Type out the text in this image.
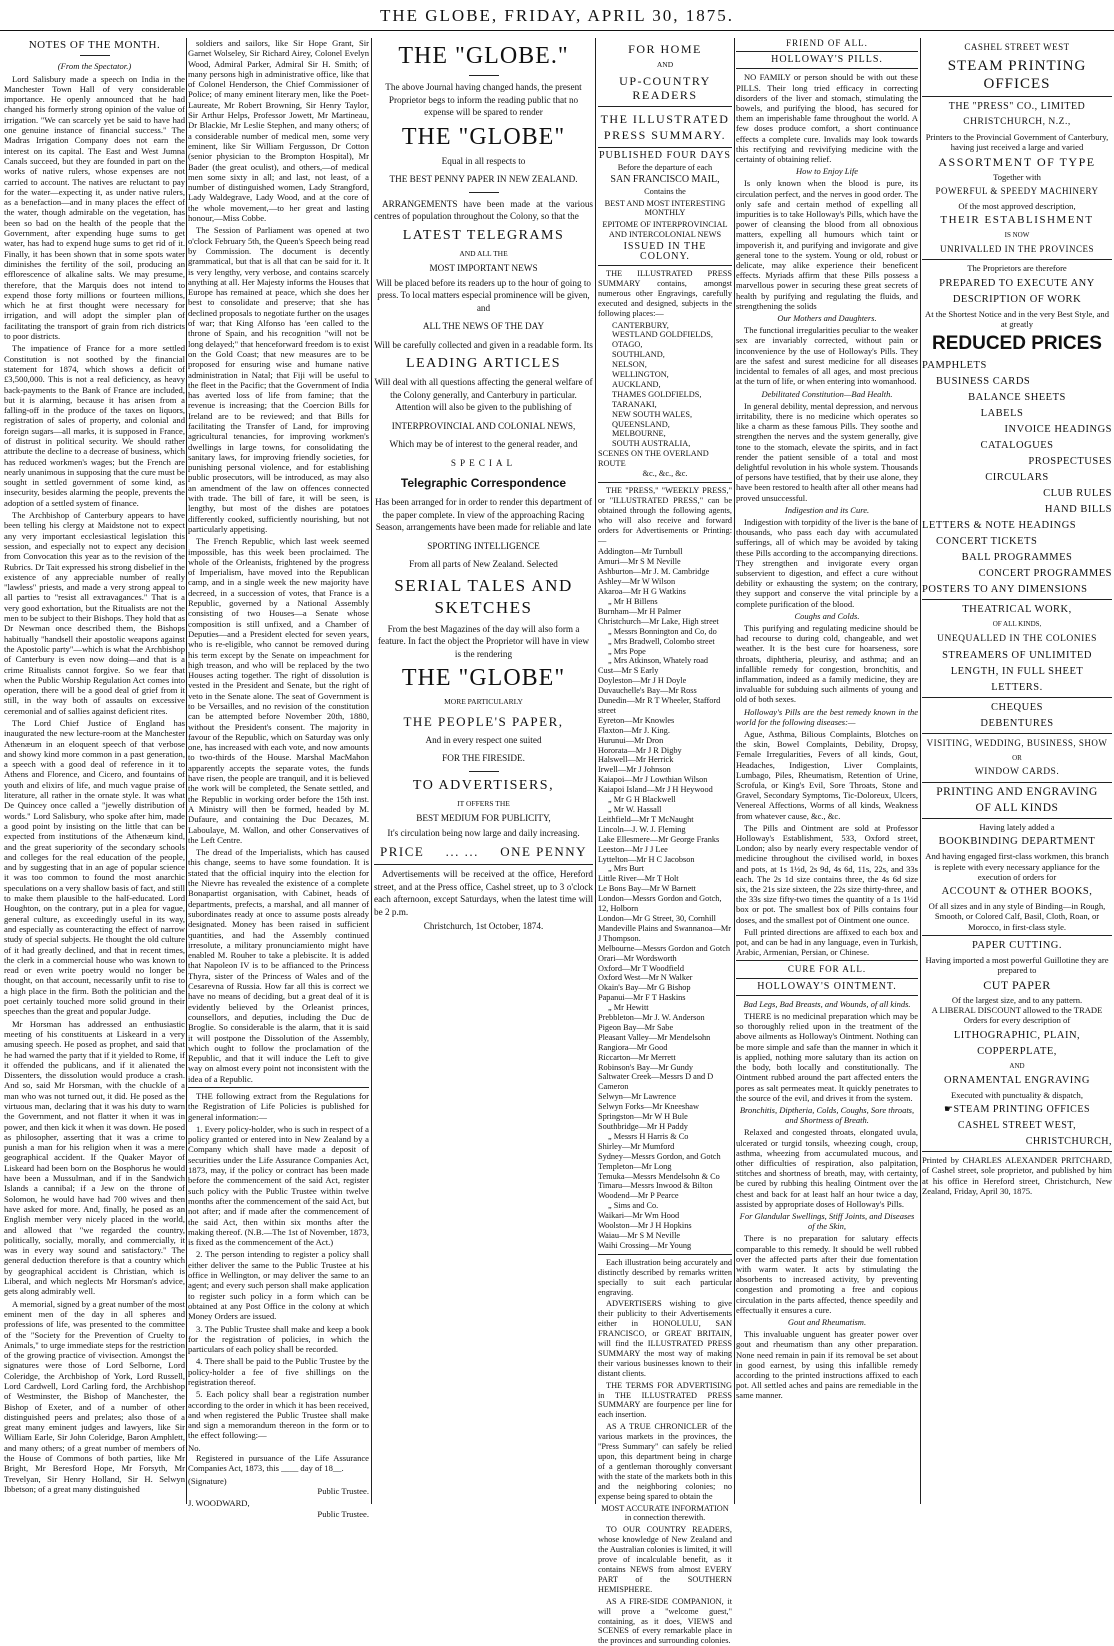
THE GLOBE, FRIDAY, APRIL 30, 1875.
NOTES OF THE MONTH.

(From the Spectator.)

Lord Salisbury made a speech on India in the Manchester Town Hall of very considerable importance. He openly announced that he had changed his formerly strong opinion of the value of irrigation. "We can scarcely yet be said to have had one genuine instance of financial success." The Madras Irrigation Company does not earn the interest on its capital. The East and West Jumna Canals succeed, but they are founded in part on the works of native rulers, whose expenses are not carried to account. The natives are reluctant to pay for the water—expecting it, as under native rulers, as a benefaction—and in many places the effect of the water, though admirable on the vegetation, has been so bad on the health of the people that the Government, after expending huge sums to get water, has had to expend huge sums to get rid of it. Finally, it has been shown that in some spots water diminishes the fertility of the soil, producing an efflorescence of alkaline salts. We may presume, therefore, that the Marquis does not intend to expend those forty millions or fourteen millions, which he at first thought were necessary for irrigation, and will adopt the simpler plan of facilitating the transport of grain from rich districts to poor districts.

The impatience of France for a more settled Constitution is not soothed by the financial statement for 1874, which shows a deficit of £3,500,000. This is not a real deficiency, as heavy back-payments to the Bank of France are included, but it is alarming, because it has arisen from a falling-off in the produce of the taxes on liquors, registration of sales of property, and colonial and foreign sugars—all marks, it is supposed in France, of distrust in political security. We should rather attribute the decline to a decrease of business, which has reduced workmen's wages; but the French are nearly unanimous in supposing that the cure must be sought in settled government of some kind, as insecurity, besides alarming the people, prevents the adoption of a settled system of finance.

The Archbishop of Canterbury appears to have been telling his clergy at Maidstone not to expect any very important ecclesiastical legislation this session, and especially not to expect any decision from Convocation this year as to the revision of the Rubrics. Dr Tait expressed his strong disbelief in the existence of any appreciable number of really "lawless" priests, and made a very strong appeal to all parties to "resist all extravagances." That is a very good exhortation, but the Ritualists are not the men to be subject to their Bishops. They hold that as Dr Newman once described them, the Bishops habitually "handsell their apostolic weapons against the Apostolic party"—which is what the Archbishop of Canterbury is even now doing—and that is a crime Ritualists cannot forgive. So we fear that when the Public Worship Regulation Act comes into operation, there will be a good deal of grief from it still, in the way both of assaults on excessive ceremonial and of sallies against deficient rites.

The Lord Chief Justice of England has inaugurated the new lecture-room at the Manchester Athenæum in an eloquent speech of that verbose and showy kind more common in a past generation, a speech with a good deal of reference in it to Athens and Florence, and Cicero, and fountains of youth and elixirs of life, and much vague praise of literature, all rather in the ornate style. It was what De Quincey once called a "jewelly distribution of words." Lord Salisbury, who spoke after him, made a good point by insisting on the little that can be expected from institutions of the Athenæum kind, and the great superiority of the secondary schools and colleges for the real education of the people, and by suggesting that in an age of popular science it was too common to found the most anarchic speculations on a very shallow basis of fact, and still to make them plausible to the half-educated. Lord Houghton, on the contrary, put in a plea for vague, general culture, as exceedingly useful in its way, and especially as counteracting the effect of narrow study of special subjects. He thought the old culture of it had greatly declined, and that in recent times, the clerk in a commercial house who was known to read or even write poetry would no longer be thought, on that account, necessarily unfit to rise to a high place in the firm. Both the politician and the poet certainly touched more solid ground in their speeches than the great and popular Judge.

Mr Horsman has addressed an enthusiastic meeting of his constituents at Liskeard in a very amusing speech. He posed as prophet, and said that he had warned the party that if it yielded to Rome, if it offended the publicans, and if it alienated the Dissenters, the dissolution would produce a crash. And so, said Mr Horsman, with the chuckle of a man who was not turned out, it did. He posed as the virtuous man, declaring that it was his duty to warn the Government, and not flatter it when it was in power, and then kick it when it was down. He posed as philosopher, asserting that it was a crime to punish a man for his religion when it was a mere geographical accident. If the Quaker Mayor of Liskeard had been born on the Bosphorus he would have been a Mussulman, and if in the Sandwich Islands a cannibal; if a Jew on the throne of Solomon, he would have had 700 wives and then have asked for more. And, finally, he posed as an English member very nicely placed in the world, and allowed that "we regarded the country, politically, socially, morally, and commercially, it was in every way sound and satisfactory." The general deduction therefore is that a country which by geographical accident is Christian, which is Liberal, and which neglects Mr Horsman's advice, gets along admirably well.

A memorial, signed by a great number of the most eminent men of the day in all spheres and professions of life, was presented to the committee of the "Society for the Prevention of Cruelty to Animals," to urge immediate steps for the restriction of the growing practice of vivisection. Amongst the signatures were those of Lord Selborne, Lord Coleridge, the Archbishop of York, Lord Russell, Lord Cardwell, Lord Carling ford, the Archbishop of Westminster, the Bishop of Manchester, the Bishop of Exeter, and of a number of other distinguished peers and prelates; also those of a great many eminent judges and lawyers, like Sir William Earle, Sir John Coleridge, Baron Amphlett, and many others; of a great number of members of the House of Commons of both parties, like Mr Bright, Mr Beresford Hope, Mr Forsyth, Mr Trevelyan, Sir Henry Holland, Sir H. Selwyn Ibbetson; of a great many distinguished

soldiers and sailors, like Sir Hope Grant, Sir Garnet Wolseley, Sir Richard Airey, Colonel Evelyn Wood, Admiral Parker, Admiral Sir H. Smith; of many persons high in administrative office, like that of Colonel Henderson, the Chief Commissioner of Police; of many eminent literary men, like the Poet-Laureate, Mr Robert Browning, Sir Henry Taylor, Sir Arthur Helps, Professor Jowett, Mr Martineau, Dr Blackie, Mr Leslie Stephen, and many others; of a considerable number of medical men, some very eminent, like Sir William Fergusson, Dr Cotton (senior physician to the Brompton Hospital), Mr Bader (the great oculist), and others,—of medical men some sixty in all; and last, not least, of a number of distinguished women, Lady Strangford, Lady Waldegrave, Lady Wood, and at the core of the whole movement,—to her great and lasting honour,—Miss Cobbe.

The Session of Parliament was opened at two o'clock February 5th, the Queen's Speech being read by Commission. The document is decently grammatical, but that is all that can be said for it. It is very lengthy, very verbose, and contains scarcely anything at all. Her Majesty informs the Houses that Europe has remained at peace, which she does her best to consolidate and preserve; that she has declined proposals to negotiate further on the usages of war; that King Alfonso has 'een called to the throne of Spain, and his recognition "will not be long delayed;" that henceforward freedom is to exist on the Gold Coast; that new measures are to be proposed for ensuring wise and humane native administration in Natal; that Fiji will be useful to the fleet in the Pacific; that the Government of India has averted loss of life from famine; that the revenue is increasing; that the Coercion Bills for Ireland are to be reviewed; and that Bills for facilitating the Transfer of Land, for improving agricultural tenancies, for improving workmen's dwellings in large towns, for consolidating the sanitary laws, for improving friendly societies, for punishing personal violence, and for establishing public prosecutors, will be introduced, as may also an amendment of the law on offences connected with trade. The bill of fare, it will be seen, is lengthy, but most of the dishes are potatoes differently cooked, sufficiently nourishing, but not particularly appetising.

The French Republic, which last week seemed impossible, has this week been proclaimed. The whole of the Orleanists, frightened by the progress of Imperialism, have moved into the Republican camp, and in a single week the new majority have decreed, in a succession of votes, that France is a Republic, governed by a National Assembly consisting of two Houses—a Senate whose composition is still unfixed, and a Chamber of Deputies—and a President elected for seven years, who is re-eligible, who cannot be removed during his term except by the Senate on impeachment for high treason, and who will be replaced by the two Houses acting together. The right of dissolution is vested in the President and Senate, but the right of veto in the Senate alone. The seat of Government is to be Versailles, and no revision of the constitution can be attempted before November 20th, 1880, without the President's consent. The majority in favour of the Republic, which on Saturday was only one, has increased with each vote, and now amounts to two-thirds of the House. Marshal MacMahon apparently accepts the separate votes, the funds have risen, the people are tranquil, and it is believed the work will be completed, the Senate settled, and the Republic in working order before the 15th inst. A Ministry will then be formed, headed by M. Dufaure, and containing the Duc Decazes, M. Laboulaye, M. Wallon, and other Conservatives of the Left Centre.

The dread of the Imperialists, which has caused this change, seems to have some foundation. It is stated that the official inquiry into the election for the Nievre has revealed the existence of a complete Bonapartist organisation, with Cabinet, heads of departments, prefects, a marshal, and all manner of subordinates ready at once to assume posts already designated. Money has been raised in sufficient quantities, and had the Assembly continued irresolute, a military pronunciamiento might have enabled M. Rouher to take a plebiscite. It is added that Napoleon IV is to be affianced to the Princess Thyra, sister of the Princess of Wales and of the Cesarevna of Russia. How far all this is correct we have no means of deciding, but a great deal of it is evidently believed by the Orleanist princes, counsellors, and deputies, including the Duc de Broglie. So considerable is the alarm, that it is said it will postpone the Dissolution of the Assembly, which ought to follow the proclamation of the Republic, and that it will induce the Left to give way on almost every point not inconsistent with the idea of a Republic.

THE following extract from the Regulations for the Registration of Life Policies is published for general information:—

1. Every policy-holder, who is such in respect of a policy granted or entered into in New Zealand by a Company which shall have made a deposit of securities under the Life Assurance Companies Act, 1873, may, if the policy or contract has been made before the commencement of the said Act, register such policy with the Public Trustee within twelve months after the commencement of the said Act, but not after; and if made after the commencement of the said Act, then within six months after the making thereof. (N.B.—The 1st of November, 1873, is fixed as the commencement of the Act.)

2. The person intending to register a policy shall either deliver the same to the Public Trustee at his office in Wellington, or may deliver the same to an agent; and every such person shall make application to register such policy in a form which can be obtained at any Post Office in the colony at which Money Orders are issued.

3. The Public Trustee shall make and keep a book for the registration of policies, in which the particulars of each policy shall be recorded.

4. There shall be paid to the Public Trustee by the policy-holder a fee of five shillings on the registration thereof.

5. Each policy shall bear a registration number according to the order in which it has been received, and when registered the Public Trustee shall make and sign a memorandum thereon in the form or to the effect following:—

No.

Registered in pursuance of the Life Assurance Companies Act, 1873, this ____ day of 18__.

(Signature)

Public Trustee.

J. WOODWARD,

Public Trustee.

THE "GLOBE."

The above Journal having changed hands, the present Proprietor begs to inform the reading public that no expense will be spared to render

THE "GLOBE"

Equal in all respects to

THE BEST PENNY PAPER IN NEW ZEALAND.

ARRANGEMENTS have been made at the various centres of population throughout the Colony, so that the

LATEST TELEGRAMS

AND ALL THE

MOST IMPORTANT NEWS

Will be placed before its readers up to the hour of going to press. To local matters especial prominence will be given, and

ALL THE NEWS OF THE DAY

Will be carefully collected and given in a readable form. Its

LEADING ARTICLES

Will deal with all questions affecting the general welfare of the Colony generally, and Canterbury in particular. Attention will also be given to the publishing of

INTERPROVINCIAL AND COLONIAL NEWS,

Which may be of interest to the general reader, and

SPECIAL

Telegraphic Correspondence

Has been arranged for in order to render this department of the paper complete. In view of the approaching Racing Season, arrangements have been made for reliable and late

SPORTING INTELLIGENCE

From all parts of New Zealand. Selected

SERIAL TALES AND SKETCHES

From the best Magazines of the day will also form a feature. In fact the object the Proprietor will have in view is the rendering

THE "GLOBE"

MORE PARTICULARLY

THE PEOPLE'S PAPER,

And in every respect one suited

FOR THE FIRESIDE.

TO ADVERTISERS,

IT OFFERS THE

BEST MEDIUM FOR PUBLICITY,

It's circulation being now large and daily increasing.

PRICE ... ... ONE PENNY

Advertisements will be received at the office, Hereford street, and at the Press office, Cashel street, up to 3 o'clock each afternoon, except Saturdays, when the latest time will be 2 p.m.

Christchurch, 1st October, 1874.

FOR HOME

AND

UP-COUNTRY READERS
THE ILLUSTRATED PRESS SUMMARY.

PUBLISHED FOUR DAYS

Before the departure of each

SAN FRANCISCO MAIL,

Contains the

BEST AND MOST INTERESTING MONTHLY

EPITOME OF INTERPROVINCIAL AND INTERCOLONIAL NEWS

ISSUED IN THE COLONY.

THE ILLUSTRATED PRESS SUMMARY contains, amongst numerous other Engravings, carefully executed and designed, subjects in the following places:—

CANTERBURY,

WESTLAND GOLDFIELDS,

OTAGO,

SOUTHLAND,

NELSON,

WELLINGTON,

AUCKLAND,

THAMES GOLDFIELDS,

TARANAKI,

NEW SOUTH WALES,

QUEENSLAND,

MELBOURNE,

SOUTH AUSTRALIA,

SCENES ON THE OVERLAND ROUTE

&c., &c., &c.

THE "PRESS," "WEEKLY PRESS," or "ILLUSTRATED PRESS," can be obtained through the following agents, who will also receive and forward orders for Advertisements or Printing:—

Addington—Mr Turnbull

Amuri—Mr S M Neville

Ashburton—Mr J. M. Cambridge

Ashley—Mr W Wilson

Akaroa—Mr H G Watkins

„ Mr H Billens

Burnham—Mr H Palmer

Christchurch—Mr Lake, High street

„ Messrs Bonnington and Co, do

„ Mrs Bradwell, Colombo street

„ Mrs Pope

„ Mrs Atkinson, Whately road

Cust—Mr S Early

Doyleston—Mr J H Doyle

Duvauchelle's Bay—Mr Ross

Dunedin—Mr R T Wheeler, Stafford street

Eyreton—Mr Knowles

Flaxton—Mr J. King.

Hurunui—Mr Dron

Hororata—Mr J R Digby

Halswell—Mr Herrick

Irwell—Mr J Johnson

Kaiapoi—Mr J Lowthian Wilson

Kaiapoi Island—Mr J H Heywood

„ Mr G H Blackwell

„ Mr W. Hassall

Leithfield—Mr T McNaught

Lincoln—J. W. J. Fleming

Lake Ellesmere—Mr George Franks

Leeston—Mr J J Lee

Lyttelton—Mr H C Jacobson

„ Mrs Burt

Little River—Mr T Holt

Le Bons Bay—Mr W Barnett

London—Messrs Gordon and Gotch, 12, Holborn

London—Mr G Street, 30, Cornhill

Mandeville Plains and Swannanoa—Mr J Thompson.

Melbourne—Messrs Gordon and Gotch

Orari—Mr Wordsworth

Oxford—Mr T Woodfield

Oxford West—Mr N Walker

Okain's Bay—Mr G Bishop

Papanui—Mr F T Haskins

„ Mr Hewitt

Prebbleton—Mr J. W. Anderson

Pigeon Bay—Mr Sabe

Pleasant Valley—Mr Mendelsohn

Rangiora—Mr Good

Riccarton—Mr Merrett

Robinson's Bay—Mr Gundy

Saltwater Creek—Messrs D and D Cameron

Selwyn—Mr Lawrence

Selwyn Forks—Mr Kneeshaw

Springston—Mr W H Bule

Southbridge—Mr H Paddy

„ Messrs H Harris & Co

Shirley—Mr Mumford

Sydney—Messrs Gordon, and Gotch

Templeton—Mr Long

Temuka—Messrs Mendelsohn & Co

Timaru—Messrs Inwood & Bilton

Woodend—Mr P Pearce

„ Sims and Co.

Waikari—Mr Wm Hood

Woolston—Mr J H Hopkins

Waiau—Mr S M Neville

Waihi Crossing—Mr Young

Each illustration being accurately and distinctly described by remarks written specially to suit each particular engraving.

ADVERTISERS wishing to give their publicity to their Advertisements either in HONOLULU, SAN FRANCISCO, or GREAT BRITAIN, will find the ILLUSTRATED PRESS SUMMARY the most way of making their various businesses known to their distant clients.

THE TERMS FOR ADVERTISING in THE ILLUSTRATED PRESS SUMMARY are fourpence per line for each insertion.

AS A TRUE CHRONICLER of the various markets in the provinces, the "Press Summary" can safely be relied upon, this department being in charge of a gentleman thoroughly conversant with the state of the markets both in this and the neighboring colonies; no expense being spared to obtain the

MOST ACCURATE INFORMATION in connection therewith.

TO OUR COUNTRY READERS, whose knowledge of New Zealand and the Australian colonies is limited, it will prove of incalculable benefit, as it contains NEWS from almost EVERY PART of the SOUTHERN HEMISPHERE.

AS A FIRE-SIDE COMPANION, it will prove a "welcome guest," containing, as it does, VIEWS and SCENES of every remarkable place in the provinces and surrounding colonies.

FRIEND OF ALL.

HOLLOWAY'S PILLS.

NO FAMILY or person should be with out these PILLS. Their long tried efficacy in correcting disorders of the liver and stomach, stimulating the bowels, and purifying the blood, has secured for them an imperishable fame throughout the world. A few doses produce comfort, a short continuance effects a complete cure. Invalids may look towards this rectifying and revivifying medicine with the certainty of obtaining relief.

How to Enjoy Life

Is only known when the blood is pure, its circulation perfect, and the nerves in good order. The only safe and certain method of expelling all impurities is to take Holloway's Pills, which have the power of cleansing the blood from all obnoxious matters, expelling all humours which taint or impoverish it, and purifying and invigorate and give general tone to the system. Young or old, robust or delicate, may alike experience their beneficent effects. Myriads affirm that these Pills possess a marvellous power in securing these great secrets of health by purifying and regulating the fluids, and strengthening the solids

Our Mothers and Daughters.

The functional irregularities peculiar to the weaker sex are invariably corrected, without pain or inconvenience by the use of Holloway's Pills. They are the safest and surest medicine for all diseases incidental to females of all ages, and most precious at the turn of life, or when entering into womanhood.

Debilitated Constitution—Bad Health.

In general debility, mental depression, and nervous irritability, there is no medicine which operates so like a charm as these famous Pills. They soothe and strengthen the nerves and the system generally, give tone to the stomach, elevate the spirits, and in fact render the patient sensible of a total and most delightful revolution in his whole system. Thousands of persons have testified, that by their use alone, they have been restored to health after all other means had proved unsuccessful.

Indigestion and its Cure.

Indigestion with torpidity of the liver is the bane of thousands, who pass each day with accumulated sufferings, all of which may be avoided by taking these Pills according to the accompanying directions. They strengthen and invigorate every organ subservient to digestion, and effect a cure without debility or exhausting the system; on the contrary, they support and conserve the vital principle by a complete purification of the blood.

Coughs and Colds.

This purifying and regulating medicine should be had recourse to during cold, changeable, and wet weather. It is the best cure for hoarseness, sore throats, diphtheria, pleurisy, and asthma; and an infallible remedy for congestion, bronchitis, and inflammation, indeed as a family medicine, they are invaluable for subduing such ailments of young and old of both sexes.

Holloway's Pills are the best remedy known in the world for the following diseases:—

Ague, Asthma, Bilious Complaints, Blotches on the skin, Bowel Complaints, Debility, Dropsy, Female Irregularities, Fevers of all kinds, Gout, Headaches, Indigestion, Liver Complaints, Lumbago, Piles, Rheumatism, Retention of Urine, Scrofula, or King's Evil, Sore Throats, Stone and Gravel, Secondary Symptoms, Tic-Doloreux, Ulcers, Venereal Affections, Worms of all kinds, Weakness from whatever cause, &c., &c.

The Pills and Ointment are sold at Professor Holloway's Establishment, 533, Oxford street, London; also by nearly every respectable vendor of medicine throughout the civilised world, in boxes and pots, at 1s 1½d, 2s 9d, 4s 6d, 11s, 22s, and 33s each. The 2s 1d size contains three, the 4s 6d size six, the 21s size sixteen, the 22s size thirty-three, and the 33s size fifty-two times the quantity of a 1s 1½d box or pot. The smallest box of Pills contains four doses, and the smallest pot of Ointment one ounce.

Full printed directions are affixed to each box and pot, and can be had in any language, even in Turkish, Arabic, Armenian, Persian, or Chinese.

CURE FOR ALL.

HOLLOWAY'S OINTMENT.

Bad Legs, Bad Breasts, and Wounds, of all kinds.

THERE is no medicinal preparation which may be so thoroughly relied upon in the treatment of the above ailments as Holloway's Ointment. Nothing can be more simple and safe than the manner in which it is applied, nothing more salutary than its action on the body, both locally and constitutionally. The Ointment rubbed around the part affected enters the pores as salt permeates meat. It quickly penetrates to the source of the evil, and drives it from the system.

Bronchitis, Diptheria, Colds, Coughs, Sore throats, and Shortness of Breath.

Relaxed and congested throats, elongated uvula, ulcerated or turgid tonsils, wheezing cough, croup, asthma, wheezing from accumulated mucous, and other difficulties of respiration, also palpitation, stitches and shortness of breath, may, with certainty, be cured by rubbing this healing Ointment over the chest and back for at least half an hour twice a day, assisted by appropriate doses of Holloway's Pills.

For Glandular Swellings, Stiff Joints, and Diseases of the Skin,

There is no preparation for salutary effects comparable to this remedy. It should be well rubbed over the affected parts after their due fomentation with warm water. It acts by stimulating the absorbents to increased activity, by preventing congestion and promoting a free and copious circulation in the parts affected, thence speedily and effectually it ensures a cure.

Gout and Rheumatism.

This invaluable unguent has greater power over gout and rheumatism than any other preparation. None need remain in pain if its removal be set about in good earnest, by using this infallible remedy according to the printed instructions affixed to each pot. All settled aches and pains are remediable in the same manner.

CASHEL STREET WEST
STEAM PRINTING OFFICES
THE "PRESS" CO., LIMITED
CHRISTCHURCH, N.Z.,
Printers to the Provincial Government of Canterbury, having just received a large and varied
ASSORTMENT OF TYPE
Together with
POWERFUL & SPEEDY MACHINERY
Of the most approved description,
THEIR ESTABLISHMENT
IS NOW
UNRIVALLED IN THE PROVINCES
The Proprietors are therefore
PREPARED TO EXECUTE ANY
DESCRIPTION OF WORK
At the Shortest Notice and in the very Best Style, and at greatly
REDUCED PRICES
PAMPHLETS
BUSINESS CARDS
BALANCE SHEETS
LABELS
INVOICE HEADINGS
CATALOGUES
PROSPECTUSES
CIRCULARS
CLUB RULES
HAND BILLS
LETTERS & NOTE HEADINGS
CONCERT TICKETS
BALL PROGRAMMES
CONCERT PROGRAMMES
POSTERS TO ANY DIMENSIONS
THEATRICAL WORK,
OF ALL KINDS,
UNEQUALLED IN THE COLONIES
STREAMERS OF UNLIMITED
LENGTH, IN FULL SHEET
LETTERS.
CHEQUES
DEBENTURES
VISITING, WEDDING, BUSINESS, SHOW
OR
WINDOW CARDS.
PRINTING AND ENGRAVING
OF ALL KINDS
Having lately added a
BOOKBINDING DEPARTMENT
And having engaged first-class workmen, this branch is replete with every necessary appliance for the execution of orders for
ACCOUNT & OTHER BOOKS,
Of all sizes and in any style of Binding—in Rough, Smooth, or Colored Calf, Basil, Cloth, Roan, or Morocco, in first-class style.
PAPER CUTTING.
Having imported a most powerful Guillotine they are prepared to
CUT PAPER
Of the largest size, and to any pattern.
A LIBERAL DISCOUNT allowed to the TRADE
Orders for every description of
LITHOGRAPHIC, PLAIN,
COPPERPLATE,
AND
ORNAMENTAL ENGRAVING
Executed with punctuality & dispatch,
☛STEAM PRINTING OFFICES
CASHEL STREET WEST,
CHRISTCHURCH,
Printed by CHARLES ALEXANDER PRITCHARD, of Cashel street, sole proprietor, and published by him at his office in Hereford street, Christchurch, New Zealand, Friday, April 30, 1875.
